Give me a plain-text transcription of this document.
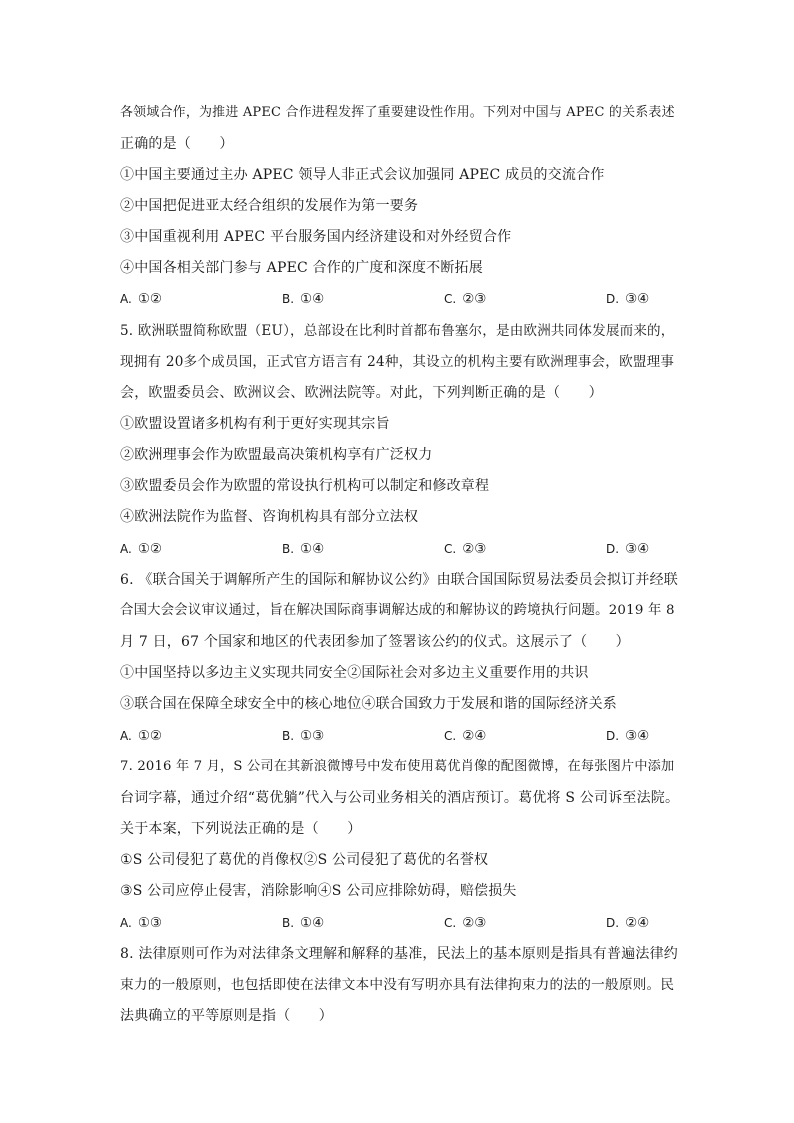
各领域合作，为推进 APEC 合作进程发挥了重要建设性作用。下列对中国与 APEC 的关系表述
正确的是（　　）
①中国主要通过主办 APEC 领导人非正式会议加强同 APEC 成员的交流合作
②中国把促进亚太经合组织的发展作为第一要务
③中国重视利用 APEC 平台服务国内经济建设和对外经贸合作
④中国各相关部门参与 APEC 合作的广度和深度不断拓展
A. ①②	B. ①④	C. ②③	D. ③④
5. 欧洲联盟简称欧盟（EU），总部设在比利时首都布鲁塞尔，是由欧洲共同体发展而来的，
现拥有 20多个成员国，正式官方语言有 24种，其设立的机构主要有欧洲理事会，欧盟理事
会，欧盟委员会、欧洲议会、欧洲法院等。对此，下列判断正确的是（　　）
①欧盟设置诸多机构有利于更好实现其宗旨
②欧洲理事会作为欧盟最高决策机构享有广泛权力
③欧盟委员会作为欧盟的常设执行机构可以制定和修改章程
④欧洲法院作为监督、咨询机构具有部分立法权
A. ①②	B. ①④	C. ②③	D. ③④
6. 《联合国关于调解所产生的国际和解协议公约》由联合国国际贸易法委员会拟订并经联
合国大会会议审议通过，旨在解决国际商事调解达成的和解协议的跨境执行问题。2019 年 8
月 7 日，67 个国家和地区的代表团参加了签署该公约的仪式。这展示了（　　）
①中国坚持以多边主义实现共同安全②国际社会对多边主义重要作用的共识
③联合国在保障全球安全中的核心地位④联合国致力于发展和谐的国际经济关系
A. ①②	B. ①③	C. ②④	D. ③④
7. 2016 年 7 月，S 公司在其新浪微博号中发布使用葛优肖像的配图微博，在每张图片中添加
台词字幕，通过介绍“葛优躺”代入与公司业务相关的酒店预订。葛优将 S 公司诉至法院。
关于本案，下列说法正确的是（　　）
①S 公司侵犯了葛优的肖像权②S 公司侵犯了葛优的名誉权
③S 公司应停止侵害，消除影响④S 公司应排除妨碍，赔偿损失
A. ①③	B. ①④	C. ②③	D. ②④
8. 法律原则可作为对法律条文理解和解释的基准，民法上的基本原则是指具有普遍法律约
束力的一般原则，也包括即使在法律文本中没有写明亦具有法律拘束力的法的一般原则。民
法典确立的平等原则是指（　　）
